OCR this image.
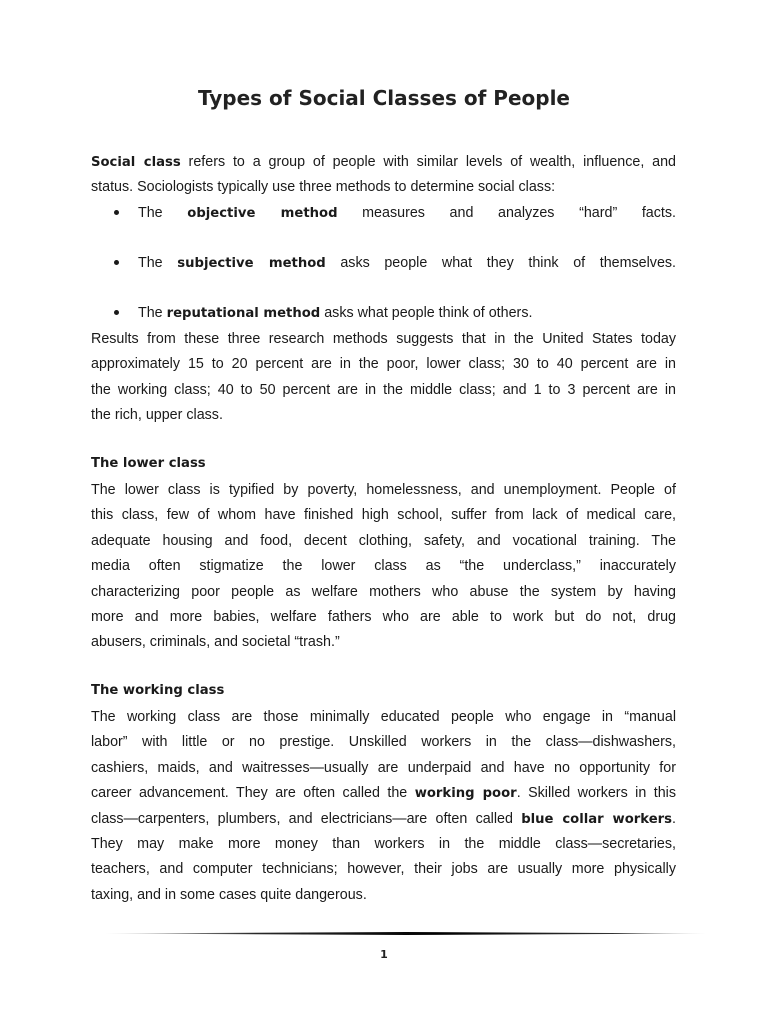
Types of Social Classes of People
Social class refers to a group of people with similar levels of wealth, influence, and
status. Sociologists typically use three methods to determine social class:
The objective method measures and analyzes “hard” facts.
The subjective method asks people what they think of themselves.
The reputational method asks what people think of others.
Results from these three research methods suggests that in the United States today
approximately 15 to 20 percent are in the poor, lower class; 30 to 40 percent are in
the working class; 40 to 50 percent are in the middle class; and 1 to 3 percent are in
the rich, upper class.
The lower class
The lower class is typified by poverty, homelessness, and unemployment. People of
this class, few of whom have finished high school, suffer from lack of medical care,
adequate housing and food, decent clothing, safety, and vocational training. The
media often stigmatize the lower class as “the underclass,” inaccurately
characterizing poor people as welfare mothers who abuse the system by having
more and more babies, welfare fathers who are able to work but do not, drug
abusers, criminals, and societal “trash.”
The working class
The working class are those minimally educated people who engage in “manual
labor” with little or no prestige. Unskilled workers in the class—dishwashers,
cashiers, maids, and waitresses—usually are underpaid and have no opportunity for
career advancement. They are often called the working poor. Skilled workers in this
class—carpenters, plumbers, and electricians—are often called blue collar workers.
They may make more money than workers in the middle class—secretaries,
teachers, and computer technicians; however, their jobs are usually more physically
taxing, and in some cases quite dangerous.
1
